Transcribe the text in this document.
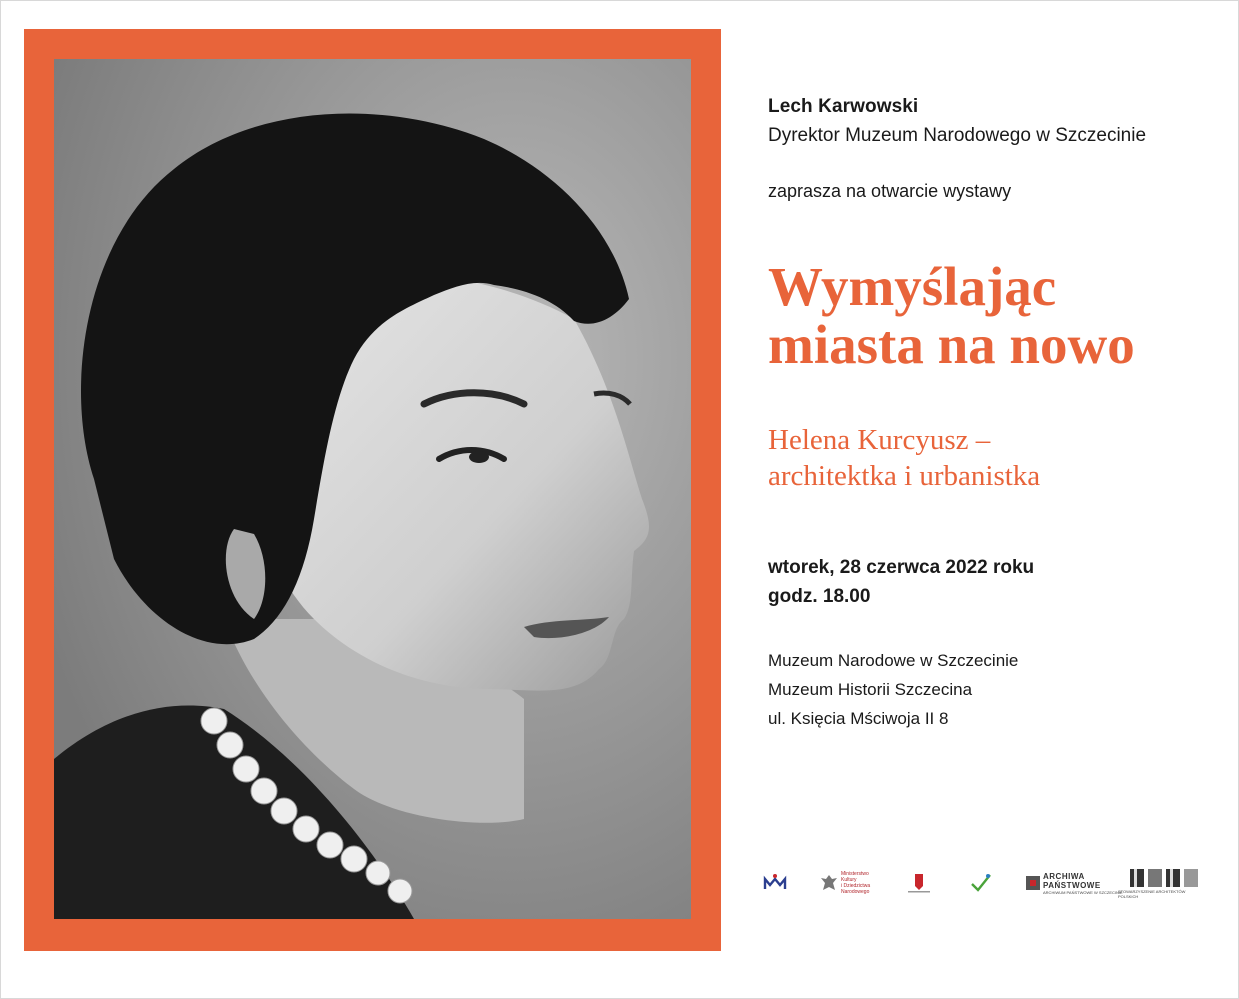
Lech Karwowski
Dyrektor Muzeum Narodowego w Szczecinie
zaprasza na otwarcie wystawy
Wymyślając
miasta na nowo
Helena Kurcyusz –
architektka i urbanistka
wtorek, 28 czerwca 2022 roku
godz. 18.00
Muzeum Narodowe w Szczecinie
Muzeum Historii Szczecina
ul. Księcia Mściwoja II 8
Ministerstwo
Kultury
i Dziedzictwa
Narodowego
ARCHIWA
PAŃSTWOWE
ARCHIWUM PAŃSTWOWE W SZCZECINIE
STOWARZYSZENIE ARCHITEKTÓW POLSKICH
